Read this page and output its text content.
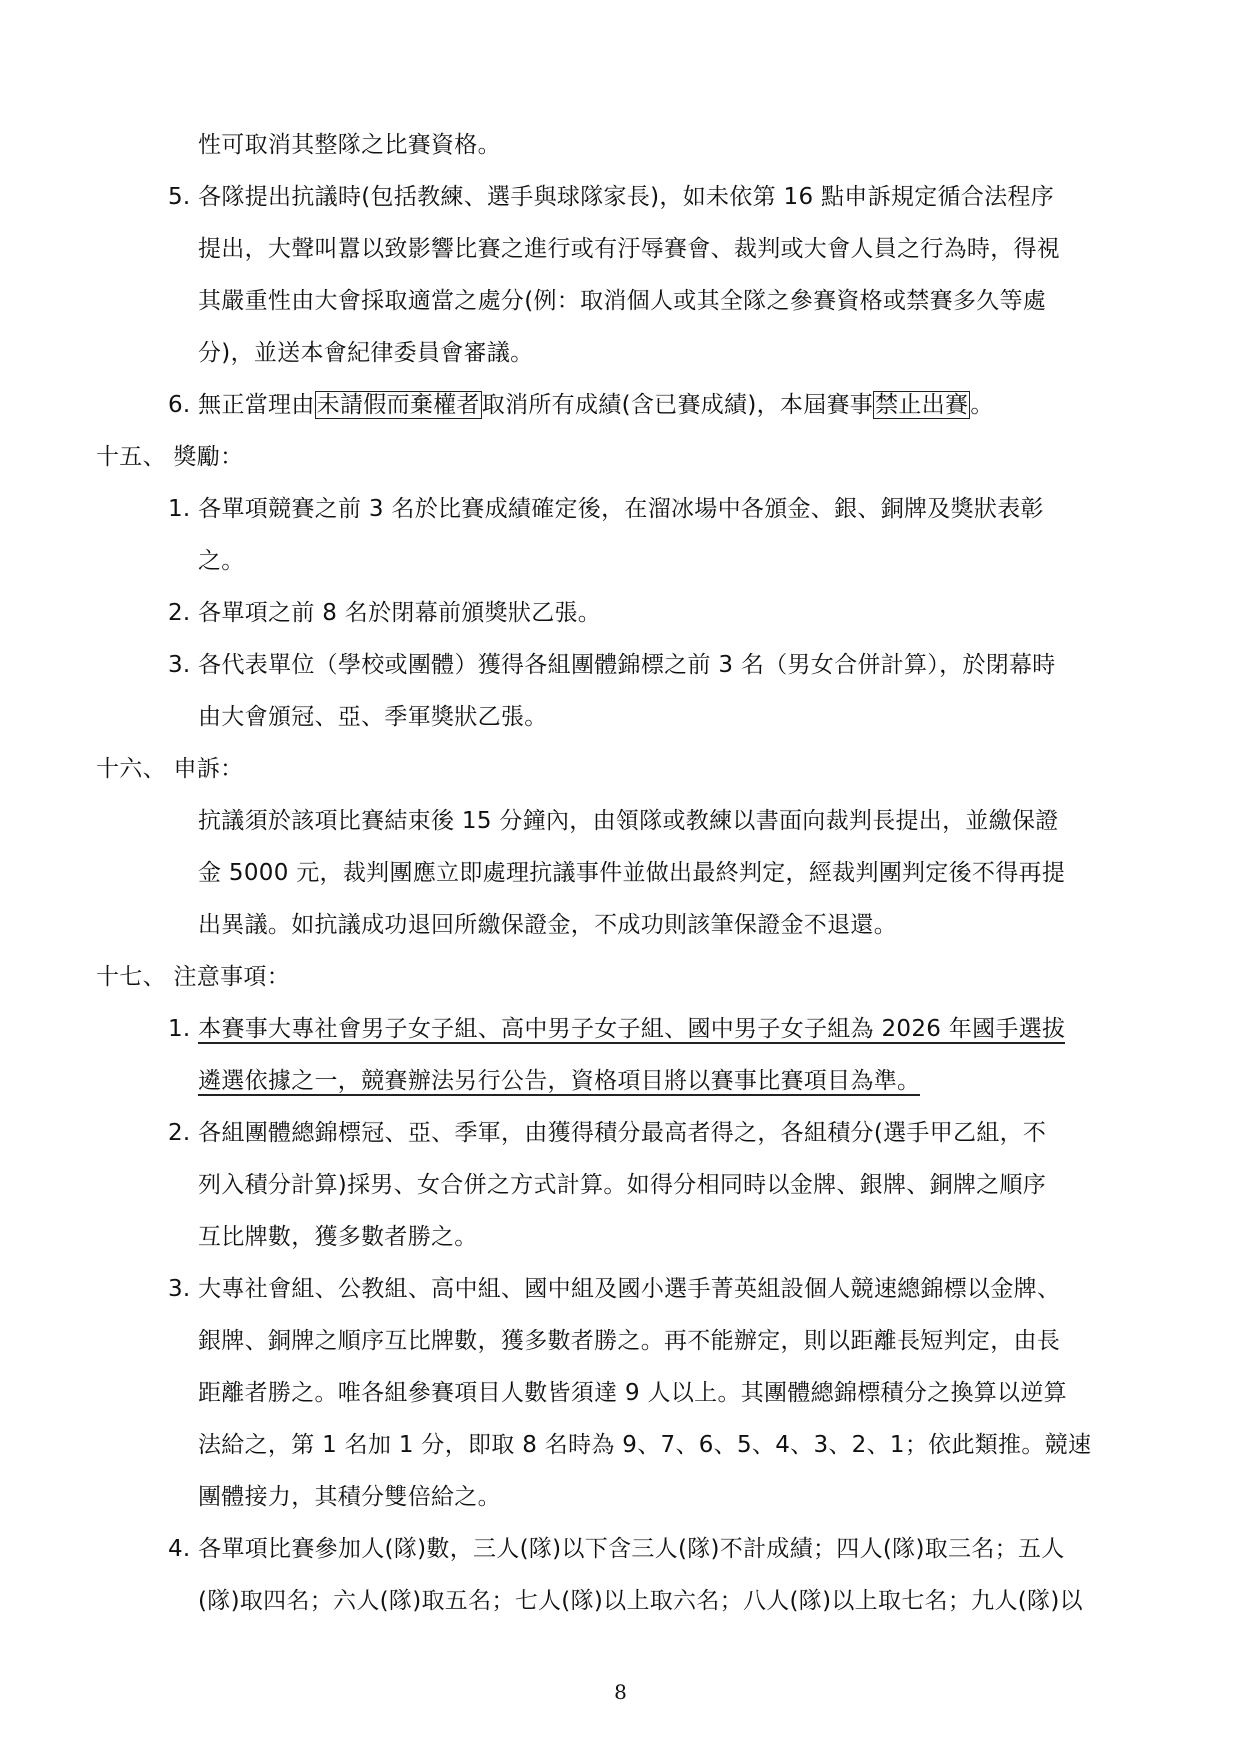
性可取消其整隊之比賽資格。
5. 各隊提出抗議時(包括教練、選手與球隊家長)，如未依第 16 點申訴規定循合法程序
提出，大聲叫囂以致影響比賽之進行或有汙辱賽會、裁判或大會人員之行為時，得視
其嚴重性由大會採取適當之處分(例：取消個人或其全隊之參賽資格或禁賽多久等處
分)，並送本會紀律委員會審議。
6. 無正當理由未請假而棄權者取消所有成績(含已賽成績)，本屆賽事禁止出賽。
十五、 獎勵：
1. 各單項競賽之前 3 名於比賽成績確定後，在溜冰場中各頒金、銀、銅牌及獎狀表彰
之。
2. 各單項之前 8 名於閉幕前頒獎狀乙張。
3. 各代表單位（學校或團體）獲得各組團體錦標之前 3 名（男女合併計算），於閉幕時
由大會頒冠、亞、季軍獎狀乙張。
十六、 申訴：
抗議須於該項比賽結束後 15 分鐘內，由領隊或教練以書面向裁判長提出，並繳保證
金 5000 元，裁判團應立即處理抗議事件並做出最終判定，經裁判團判定後不得再提
出異議。如抗議成功退回所繳保證金，不成功則該筆保證金不退還。
十七、 注意事項：
1. 本賽事大專社會男子女子組、高中男子女子組、國中男子女子組為 2026 年國手選拔
遴選依據之一，競賽辦法另行公告，資格項目將以賽事比賽項目為準。
2. 各組團體總錦標冠、亞、季軍，由獲得積分最高者得之，各組積分(選手甲乙組，不
列入積分計算)採男、女合併之方式計算。如得分相同時以金牌、銀牌、銅牌之順序
互比牌數，獲多數者勝之。
3. 大專社會組、公教組、高中組、國中組及國小選手菁英組設個人競速總錦標以金牌、
銀牌、銅牌之順序互比牌數，獲多數者勝之。再不能辦定，則以距離長短判定，由長
距離者勝之。唯各組參賽項目人數皆須達 9 人以上。其團體總錦標積分之換算以逆算
法給之，第 1 名加 1 分，即取 8 名時為 9、7、6、5、4、3、2、1；依此類推。競速
團體接力，其積分雙倍給之。
4. 各單項比賽參加人(隊)數，三人(隊)以下含三人(隊)不計成績；四人(隊)取三名；五人
(隊)取四名；六人(隊)取五名；七人(隊)以上取六名；八人(隊)以上取七名；九人(隊)以
8
